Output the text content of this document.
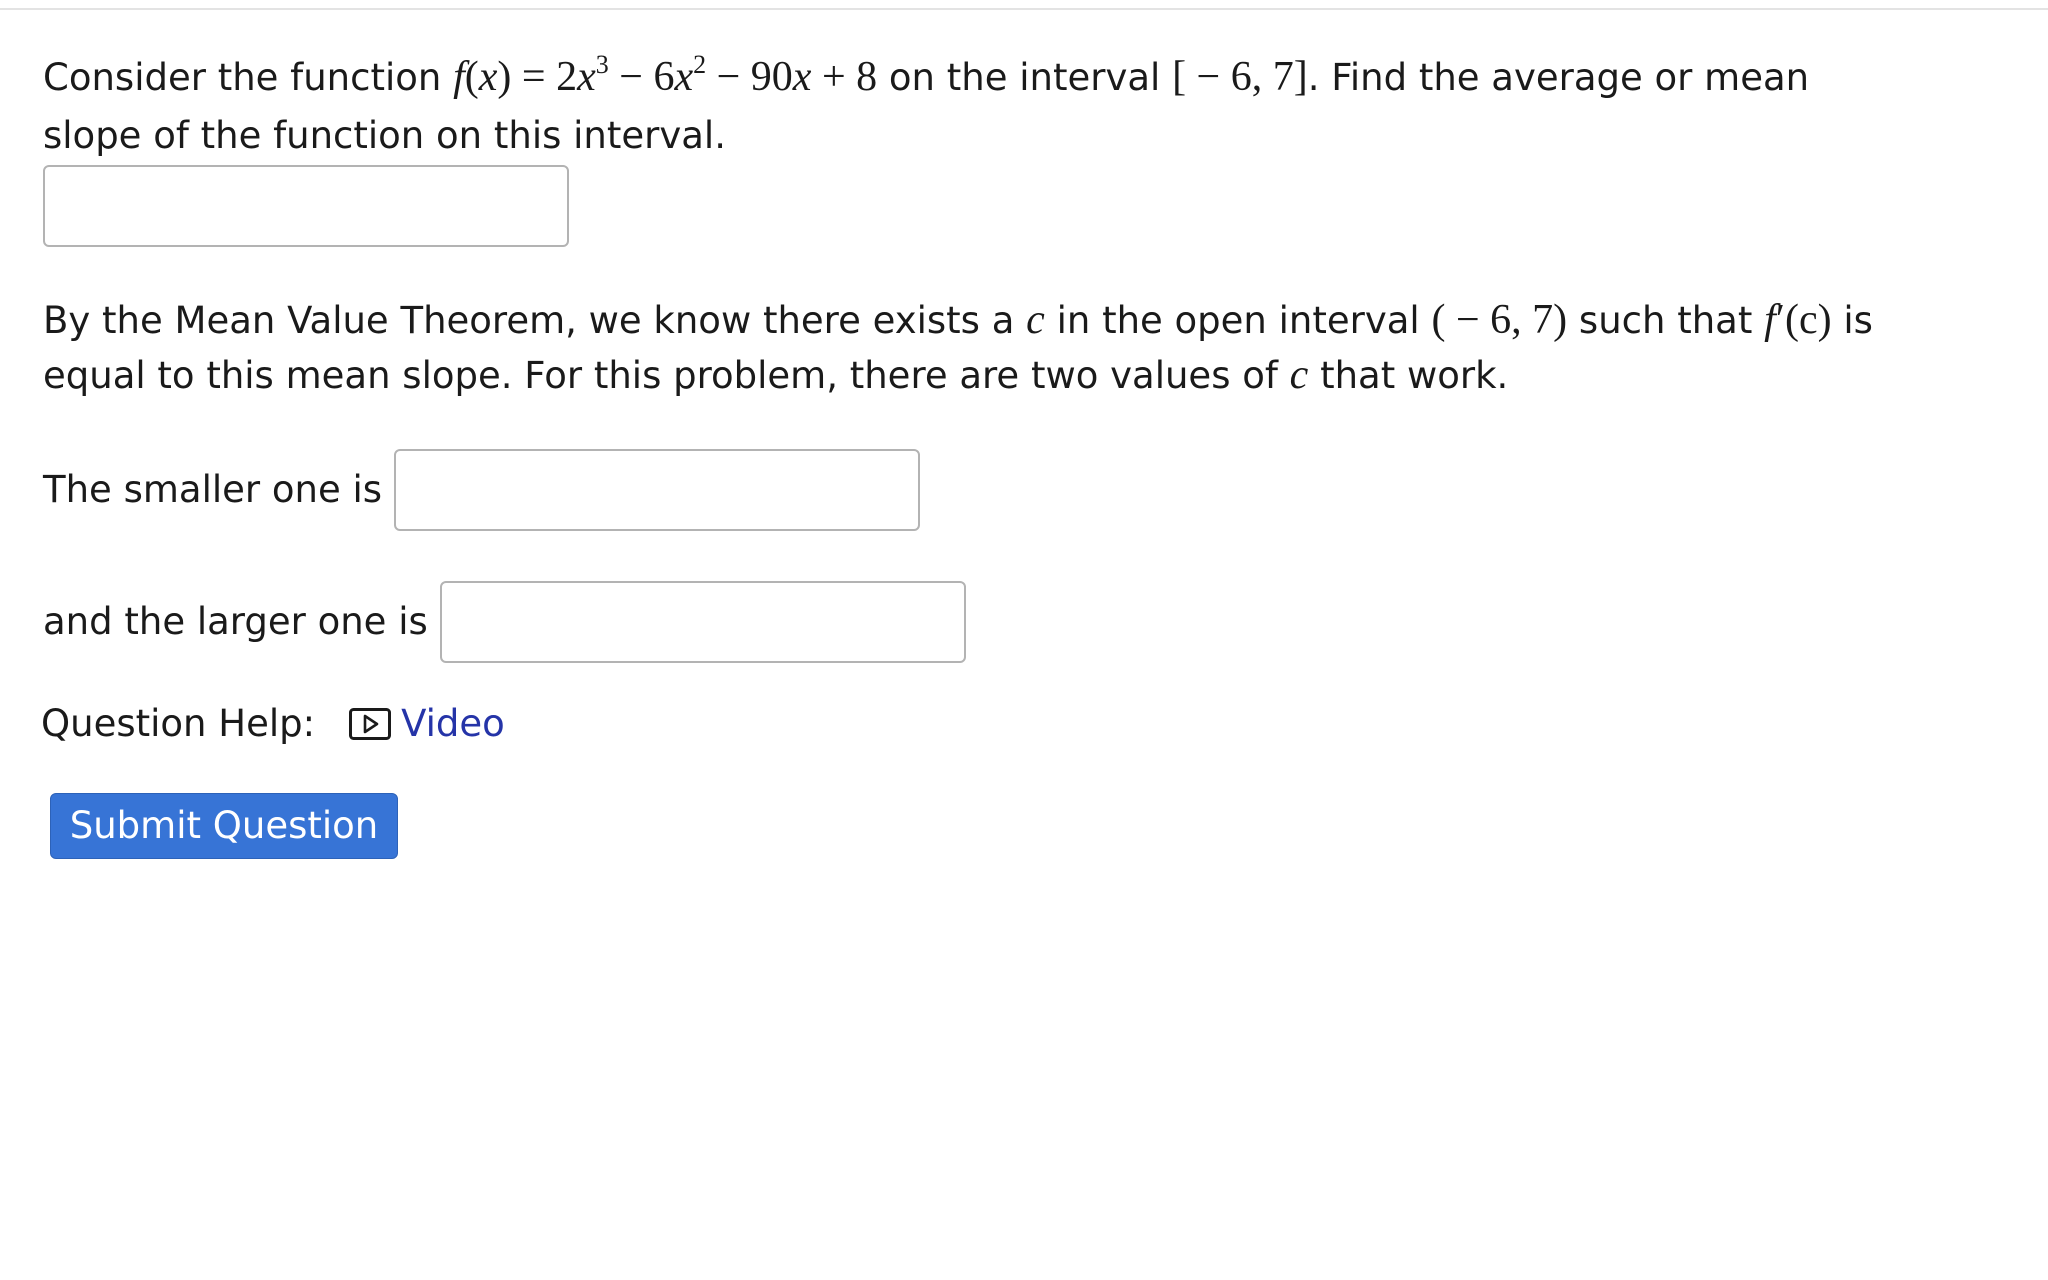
Consider the function $f(x) = 2x^3 - 6x^2 - 90x + 8$ on the interval [ − 6, 7]. Find the average or mean

slope of the function on this interval.

By the Mean Value Theorem, we know there exists a c in the open interval ( − 6, 7) such that f′(c) is

equal to this mean slope. For this problem, there are two values of c that work.

The smaller one is
and the larger one is
Question Help: Video
Submit Question
